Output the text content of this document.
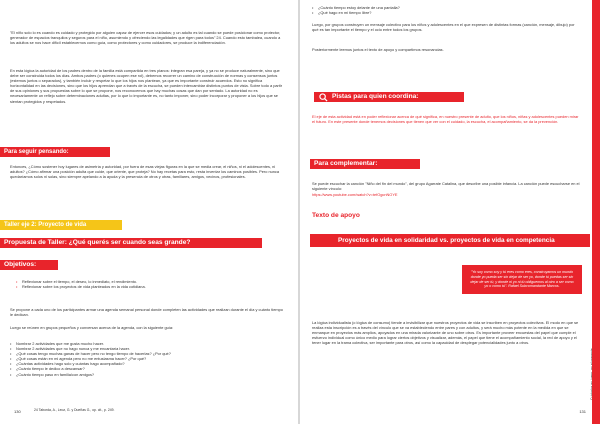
"El niño solo lo es cuando es cuidado y protegido por alguien capaz de ejercer esos cuidados; y un adulto es tal cuando se puede posicionar como protector, generador de espacios tranquilos y seguros para el niño, asumiendo y ofreciendo las legalidades que rigen para todos" 24. Cuando esto tambalea, cuando a los adultos se nos hace difícil establecernos como guía, como protectores y como cuidadores, se produce la indiferenciación.
En esta lógica la autoridad de los padres dentro de la familia está compartida en tres planos: integran esa pareja, y ya no se produce naturalmente, sino que debe ser construida todos los días. Ambos padres (o quienes ocupen ese rol), debemos recorrer un camino de construcción de normas y consensos juntos (estemos juntos o separados), y también incluir y respetar lo que los hijos nos plantean, ya que es importante construir acuerdos. Esto no significa horizontalidad en las decisiones, sino que los hijos aprendan que a través de la escucha, se pueden intercambiar distintos puntos de vista. Sobre todo a partir de sus opiniones y sus propuestas sobre lo que se propone, nos reconocemos que hay muchas cosas que dan por sentado. La autoridad no es necesariamente un reflejo sobre determinaciones adultas, por lo que lo importante es, no tanto imponer, sino poder incorporar y proponer a los hijos que se sientan protegidos y respetados.
Para seguir pensando:
Entonces, ¿Cómo sostener hoy lugares de asimetría y autoridad, por fuera de esas viejas figuras en la que se media crear, el niños, ni el adolescentes, ni adultos? ¿Cómo afirmar una posición adulta que cuide, que oriente, que proteja? No hay recetas para esto, resta inventar los caminos posibles. Pero nunca quedaríamos solos ni solas, sino siempre apelando a la ayuda y la presencia de otros y otras, familiares, amigos, vecinos, profesionales.
Taller eje 2: Proyecto de vida
Propuesta de Taller: ¿Qué querés ser cuando seas grande?
Objetivos:
• Reflexionar sobre el tiempo, el deseo, lo inmediato, el rendimiento.
• Reflexionar sobre los proyectos de vida planteados en la vida cotidiana.
Se propone a cada uno de los participantes armar una agenda semanal personal donde completen las actividades que realizan durante el día y cuánto tiempo le dedican.
Luego se reúnen en grupos pequeños y conversan acerca de la agenda, con la siguiente guía:
• Nombrar 2 actividades que me gusta mucho hacer.
• Nombrar 2 actividades que no hago nunca y me encantaría hacer.
• ¿Qué cosas tengo muchas ganas de hacer pero no tengo tiempo de hacerlas? ¿Por qué?
• ¿Qué cosas están en mi agenda pero no me entusiasma hacer? ¿Por qué?
• ¿Cuántas actividades hago solo y cuántas hago acompañado?
• ¿Cuánto tiempo le dedico a descansar?
• ¿Cuánto tiempo paso en familia/con amigos?
24 Taborda, A., Leoz, G. y Dueñas G., op. cit., p. 249.
130
• ¿Cuánto tiempo estoy delante de una pantalla?
• ¿Qué hago en mi tiempo libre?
Luego, por grupos construyen un mensaje colectivo para los niños y adolescentes en el que expresen de distintas formas (canción, mensaje, dibujo) por qué es tan importante el tiempo y el ocio entre todos los grupos.
Posteriormente leemos juntos el texto de apoyo y compartimos resonancias.
Pistas para quien coordina:
El eje de esta actividad está en poder reflexionar acerca de qué significa, en nuestro presente de adulto, que los niños, niñas y adolescentes pueden mirar el futuro. En este presente donde tenemos decisiones que tienen que ver con el cuidado, la escucha, el acompañamiento, se da la prevención.
Para complementar:
Se puede escuchar la canción "Niño del fin del mundo", del grupo Agarrate Catalina, que describe una posible infancia. La canción puede escucharse en el siguiente vínculo:
https://www.youtube.com/watch?v=tefOgcnNOYE
Texto de apoyo
Proyectos de vida en solidaridad vs. proyectos de vida en competencia
"Yo soy como soy y tú eres como eres, construyamos un mundo donde yo pueda ser sin dejar de ser yo, donde tú puedas ser sin dejar de ser tú, y donde ni yo ni tú obliguemos al otro a ser como yo o como tú". Rafael Subcomandante Marcos.
La lógica individualista (o lógica de consumo) tiende a invisibilizar que nuestros proyectos de vida se inscriben en proyectos colectivos. El modo en que se realiza esta inscripción es a través del vínculo que se va estableciendo entre pares y con adultos, y será mucho más potente en la medida en que se enmarque en proyectos más amplios, apoyados en una mirada valorizante de uno sobre otros. Es importante proveer encuestas del papel que cumple el esfuerzo individual como único medio para lograr ciertos objetivos y visualizar, además, el papel que tiene el acompañamiento social, la red de apoyo y el tener lugar en la trama colectiva, ser importante para otros, así como la capacidad de desplegar potencialidades junto a otros.
131
